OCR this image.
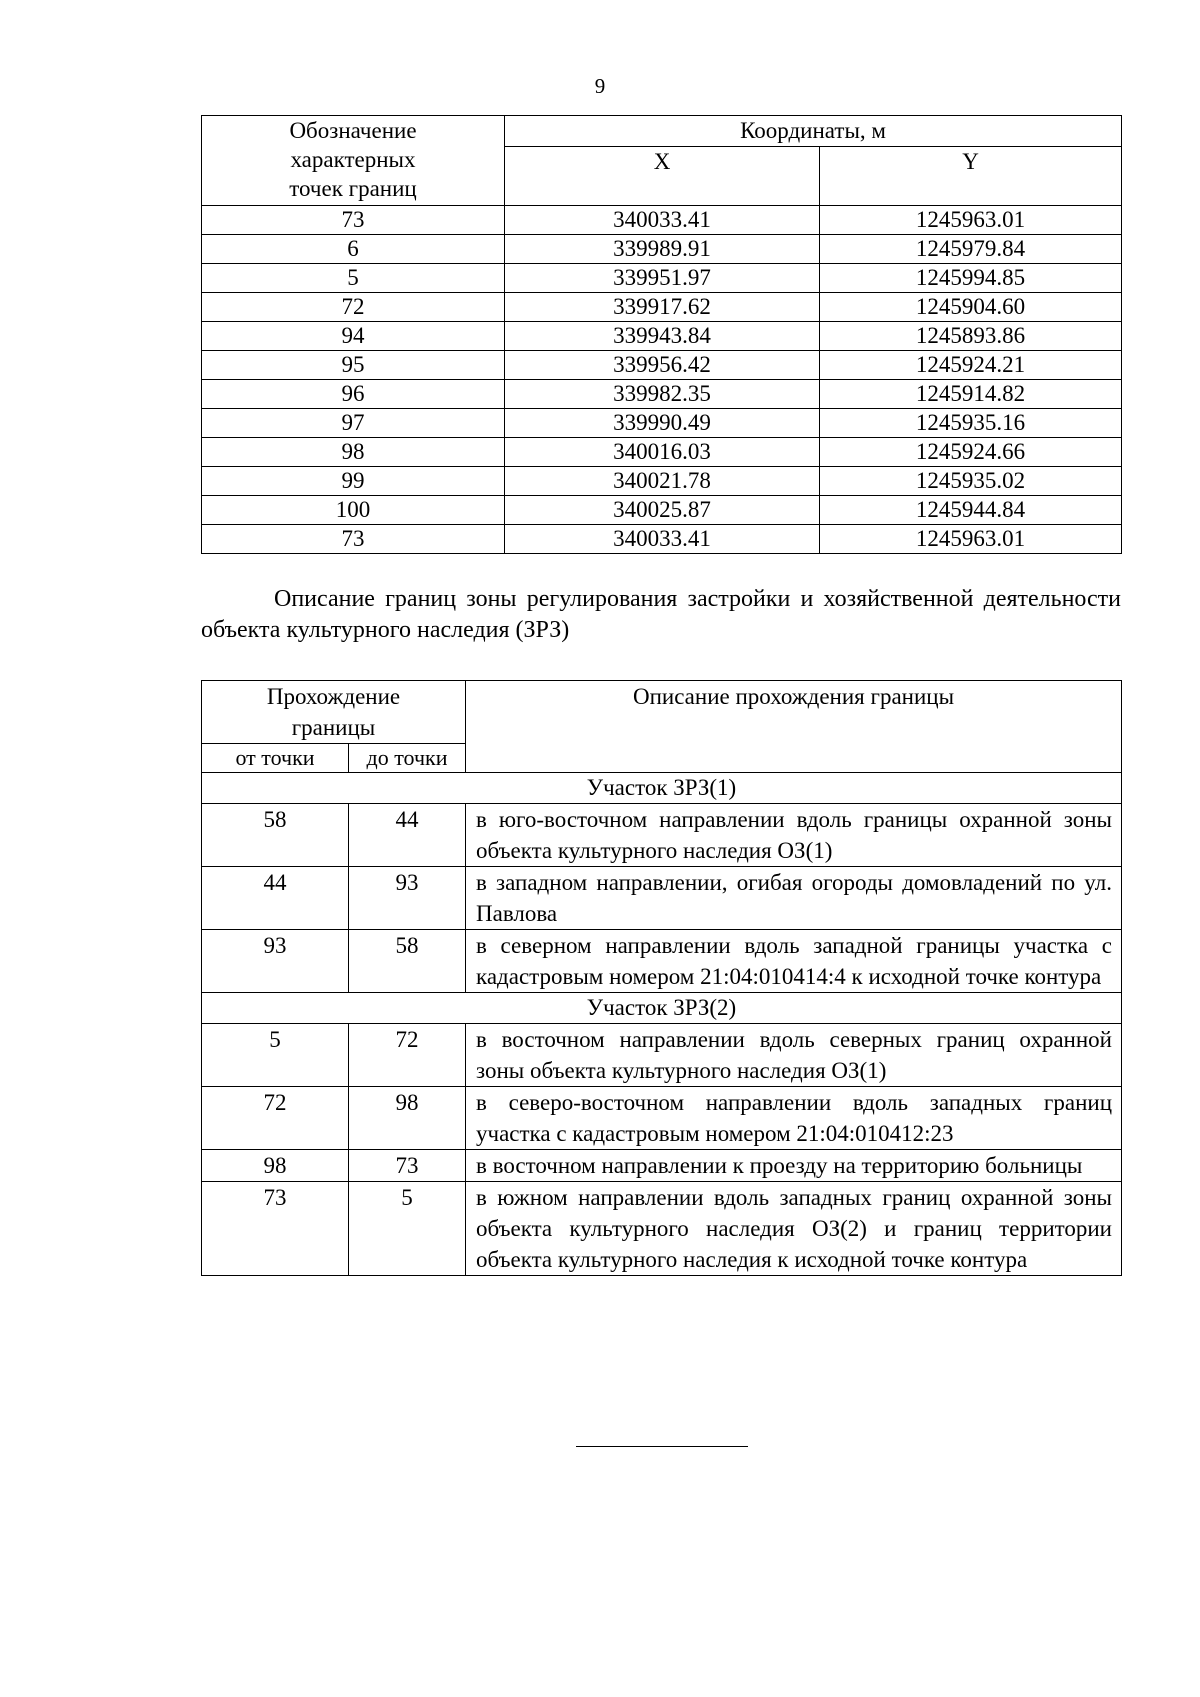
9
Обозначение характерных точек границ	Координаты, м	
	X	Y
73	340033.41	1245963.01
6	339989.91	1245979.84
5	339951.97	1245994.85
72	339917.62	1245904.60
94	339943.84	1245893.86
95	339956.42	1245924.21
96	339982.35	1245914.82
97	339990.49	1245935.16
98	340016.03	1245924.66
99	340021.78	1245935.02
100	340025.87	1245944.84
73	340033.41	1245963.01

Описание границ зоны регулирования застройки и хозяйственной деятельности объекта культурного наследия (ЗРЗ)

Прохождение границы		Описание прохождения границы
от точки	до точки	
Участок ЗРЗ(1)		
58	44	в юго-восточном направлении вдоль границы охранной зоны объекта культурного наследия ОЗ(1)
44	93	в западном направлении, огибая огороды домовладений по ул. Павлова
93	58	в северном направлении вдоль западной границы участка с кадастровым номером 21:04:010414:4 к исходной точке контура
Участок ЗРЗ(2)		
5	72	в восточном направлении вдоль северных границ охранной зоны объекта культурного наследия ОЗ(1)
72	98	в северо-восточном направлении вдоль западных границ участка с кадастровым номером 21:04:010412:23
98	73	в восточном направлении к проезду на территорию больницы
73	5	в южном направлении вдоль западных границ охранной зоны объекта культурного наследия ОЗ(2) и границ территории объекта культурного наследия к исходной точке контура
